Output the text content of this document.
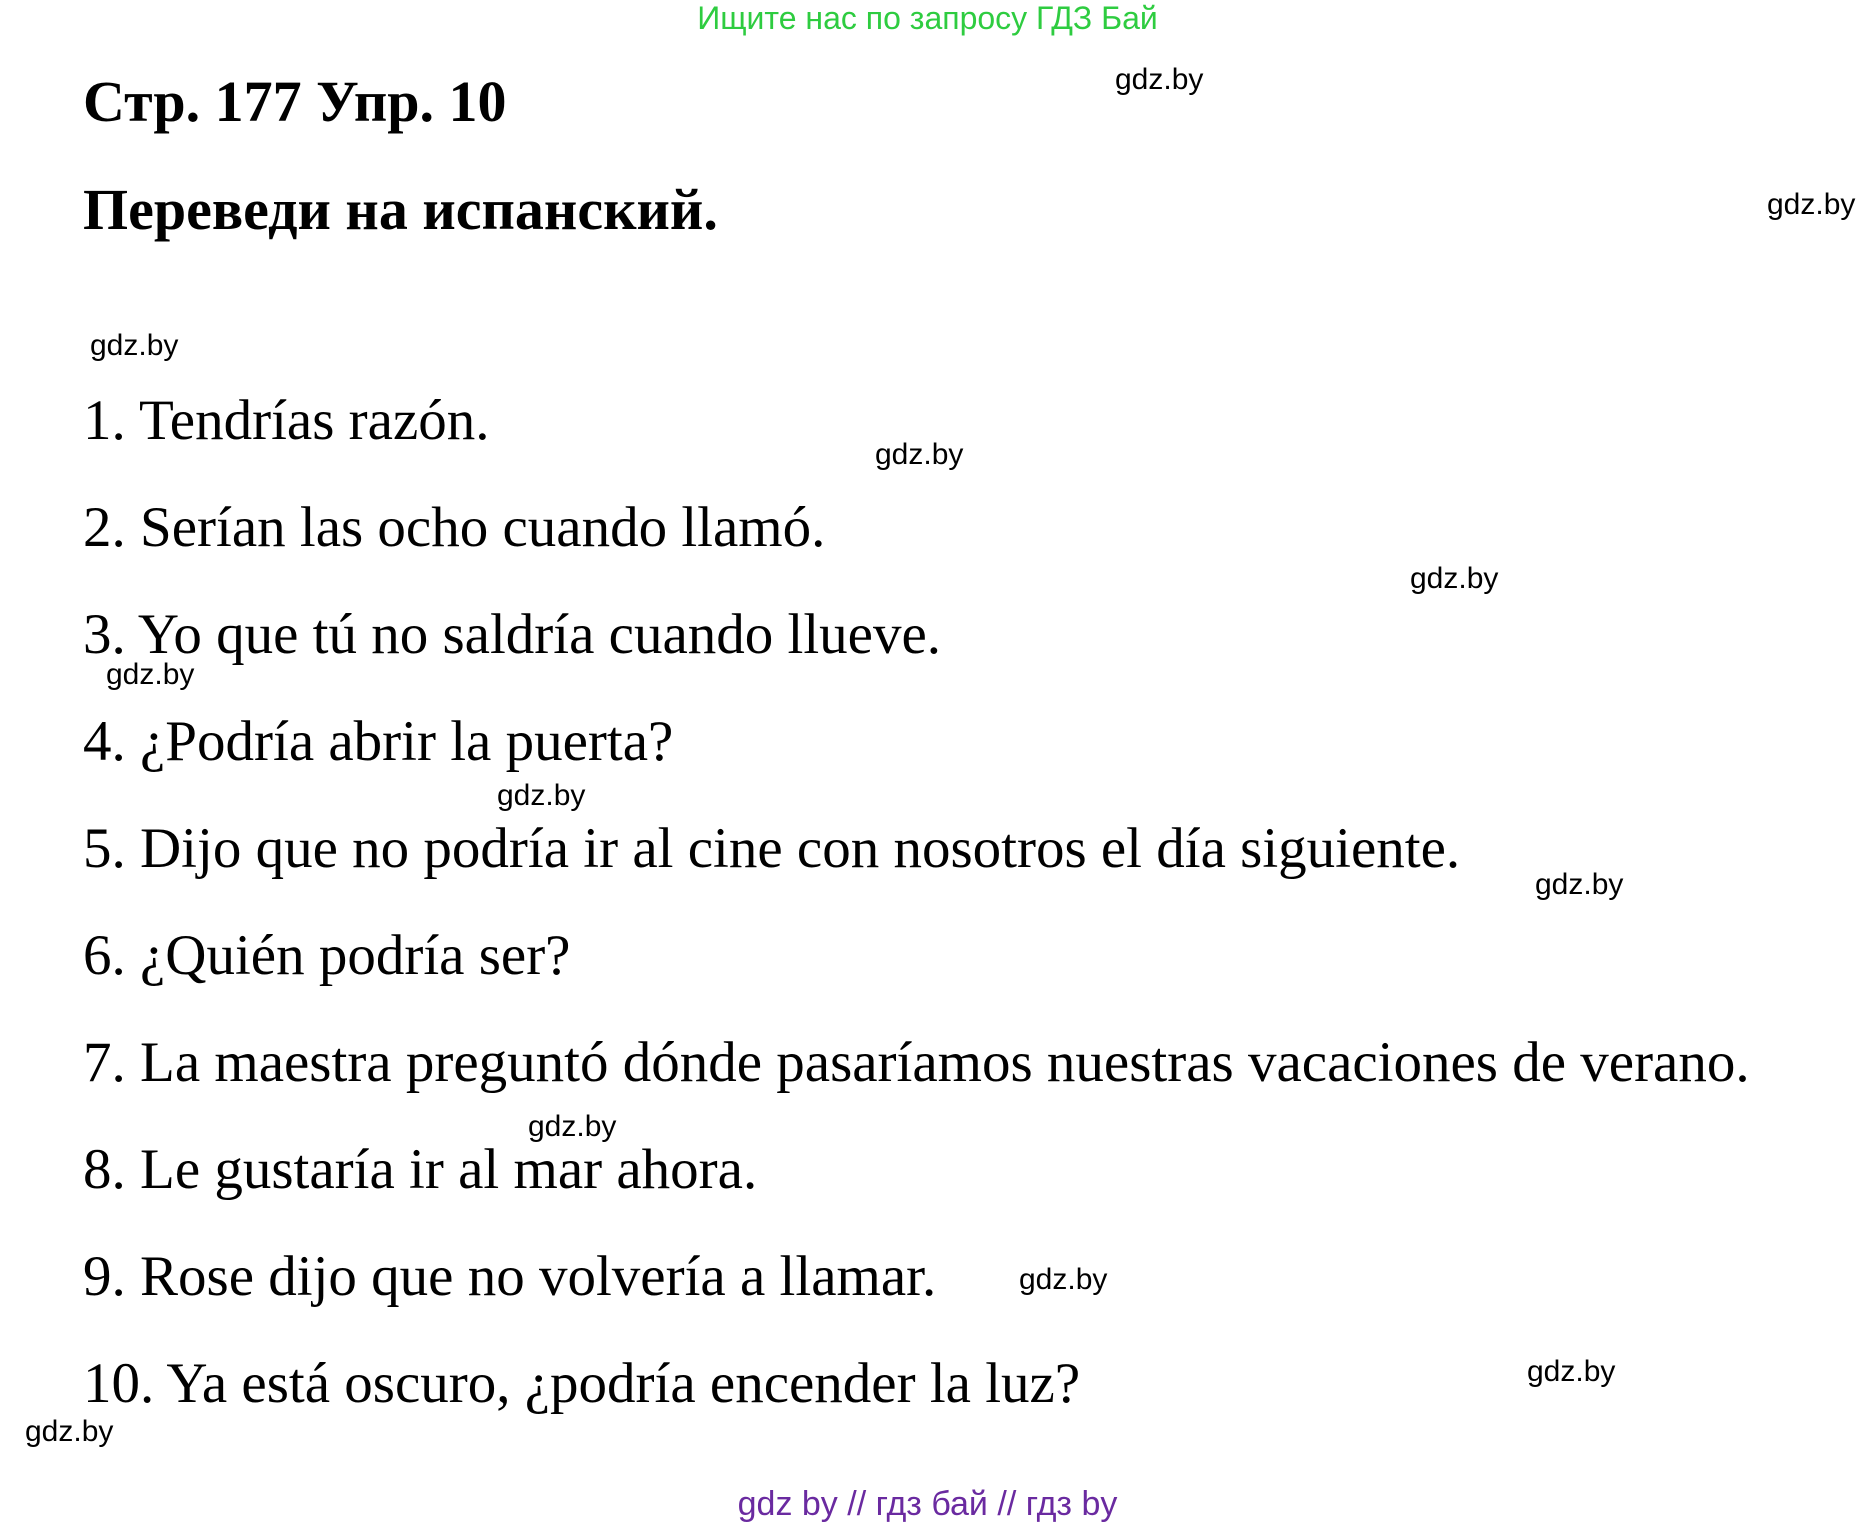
Ищите нас по запросу ГДЗ Бай
Стр. 177 Упр. 10
Переведи на испанский.
1. Tendrías razón.
2. Serían las ocho cuando llamó.
3. Yo que tú no saldría cuando llueve.
4. ¿Podría abrir la puerta?
5. Dijo que no podría ir al cine con nosotros el día siguiente.
6. ¿Quién podría ser?
7. La maestra preguntó dónde pasaríamos nuestras vacaciones de verano.
8. Le gustaría ir al mar ahora.
9. Rose dijo que no volvería a llamar.
10. Ya está oscuro, ¿podría encender la luz?
gdz.by
gdz.by
gdz.by
gdz.by
gdz.by
gdz.by
gdz.by
gdz.by
gdz.by
gdz.by
gdz.by
gdz.by
gdz by // гдз бай // гдз by
